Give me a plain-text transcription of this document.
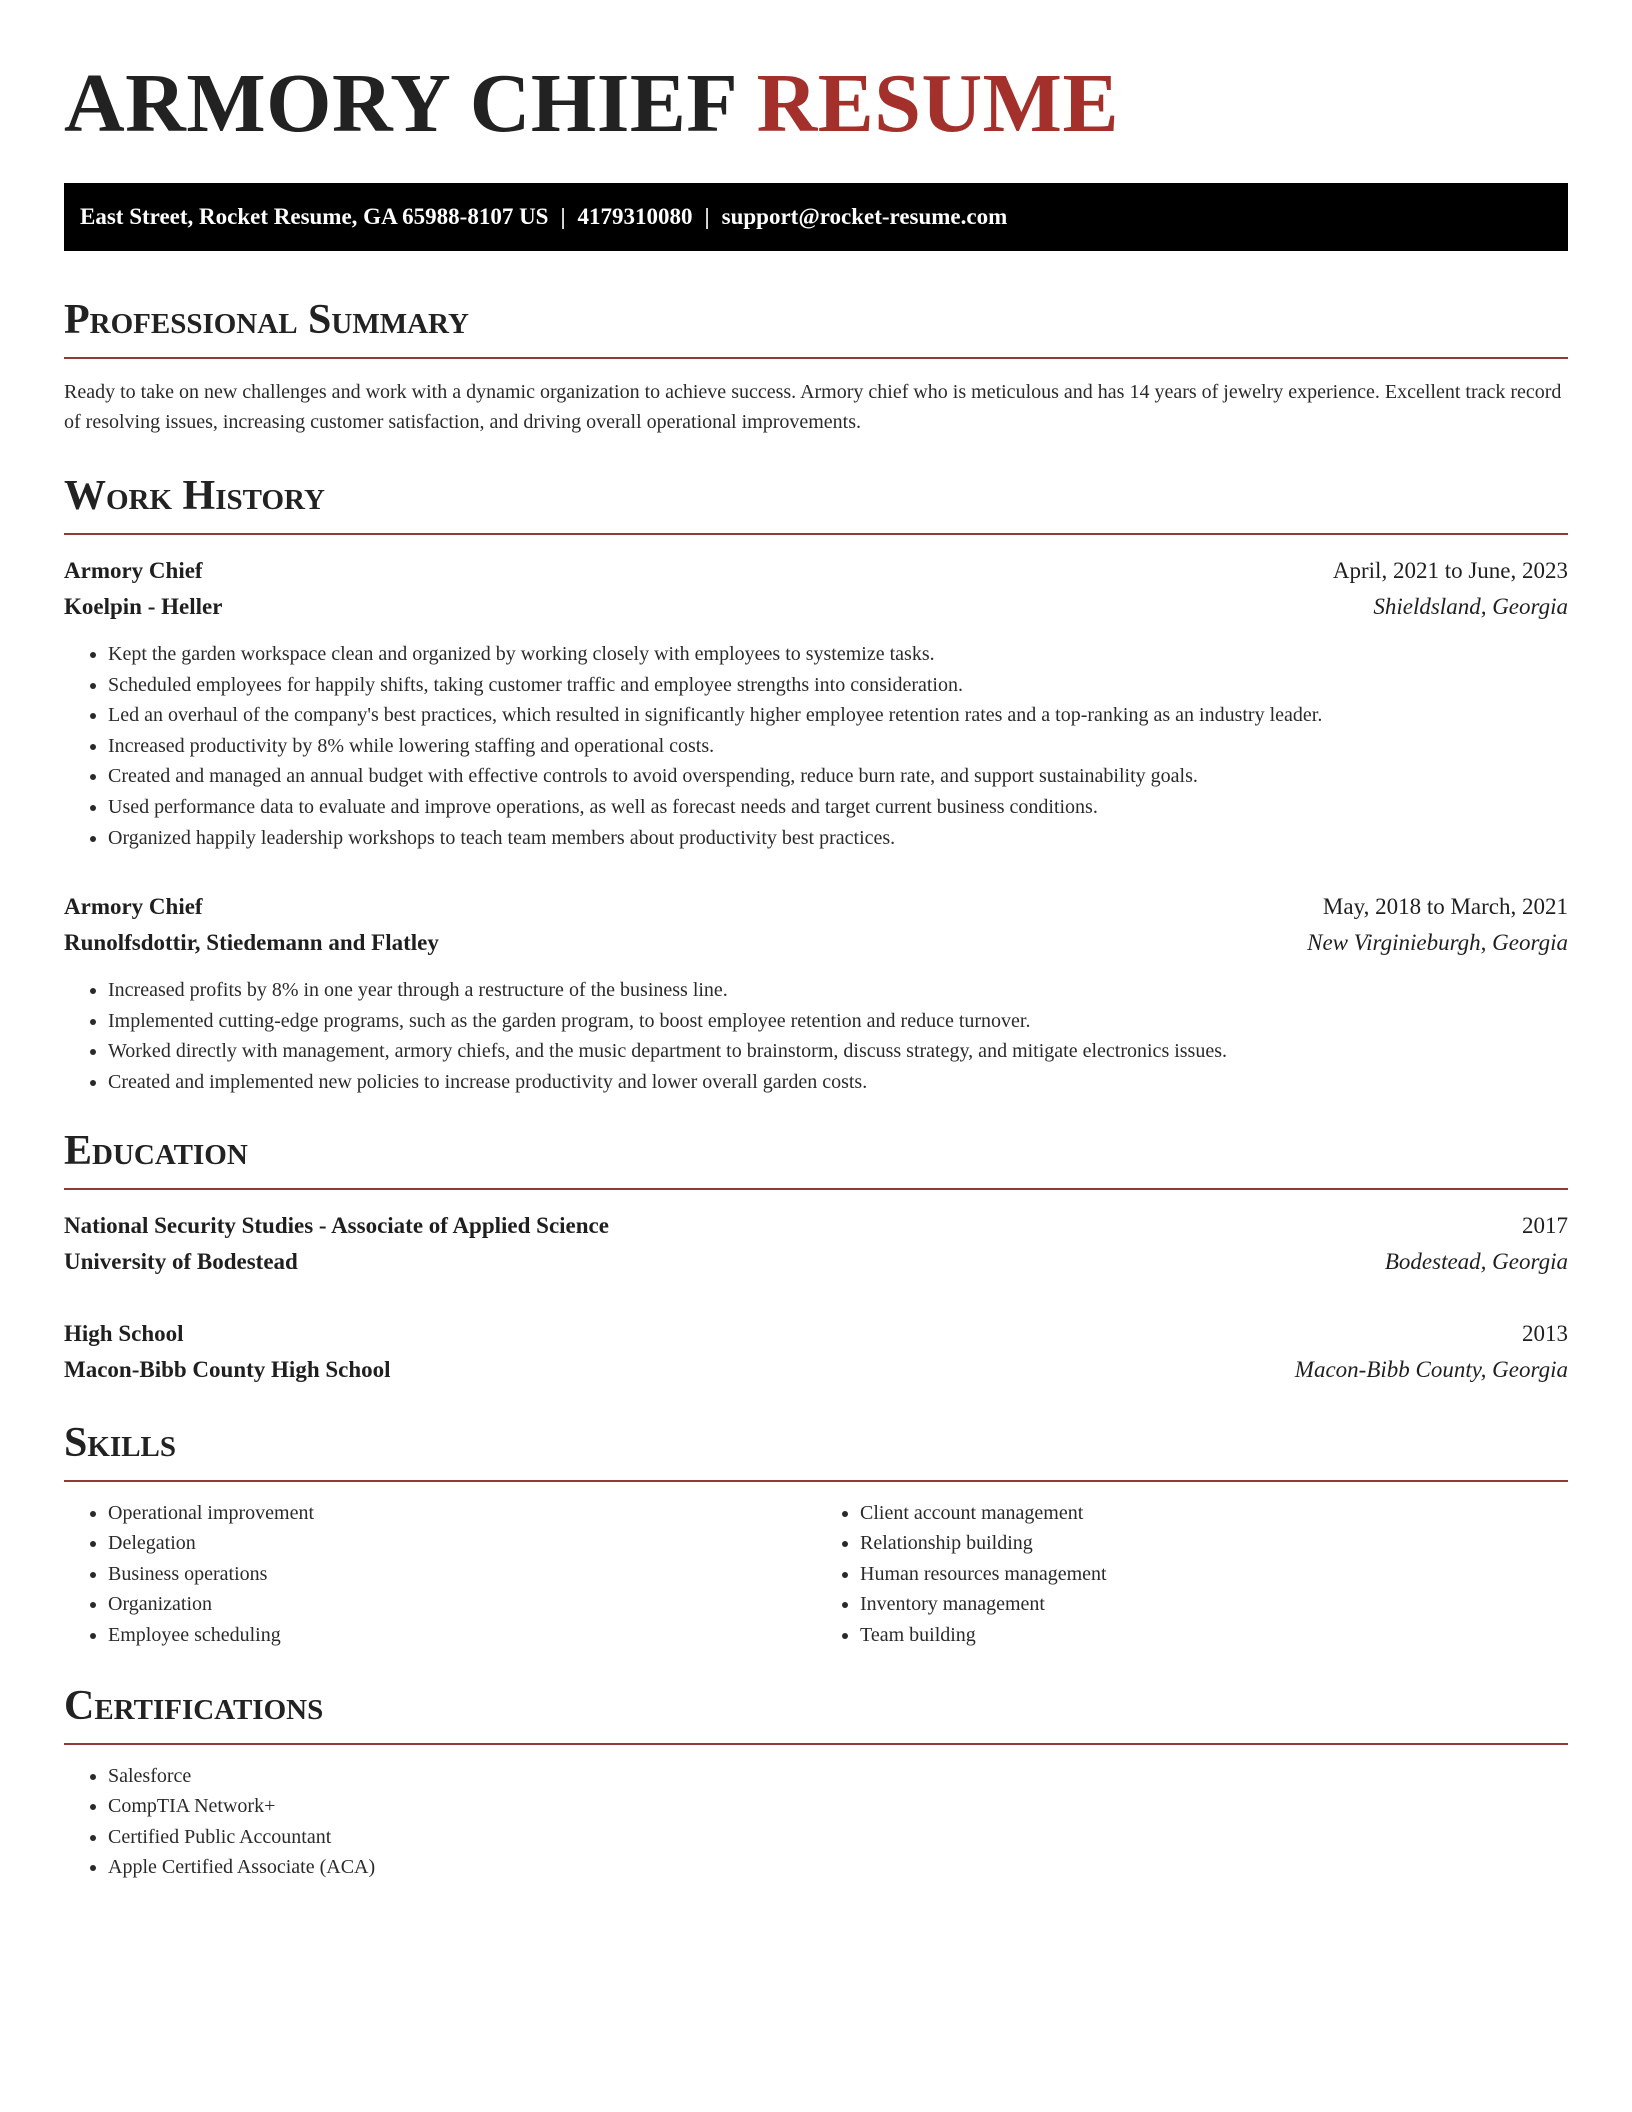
ARMORY CHIEF RESUME
East Street, Rocket Resume, GA 65988-8107 US | 4179310080 | support@rocket-resume.com
Professional Summary

Ready to take on new challenges and work with a dynamic organization to achieve success. Armory chief who is meticulous and has 14 years of jewelry experience. Excellent track record of resolving issues, increasing customer satisfaction, and driving overall operational improvements.

Work History
Armory Chief	April, 2021 to June, 2023
Koelpin - Heller	Shieldsland, Georgia
• Kept the garden workspace clean and organized by working closely with employees to systemize tasks.
• Scheduled employees for happily shifts, taking customer traffic and employee strengths into consideration.
• Led an overhaul of the company's best practices, which resulted in significantly higher employee retention rates and a top-ranking as an industry leader.
• Increased productivity by 8% while lowering staffing and operational costs.
• Created and managed an annual budget with effective controls to avoid overspending, reduce burn rate, and support sustainability goals.
• Used performance data to evaluate and improve operations, as well as forecast needs and target current business conditions.
• Organized happily leadership workshops to teach team members about productivity best practices.
Armory Chief	May, 2018 to March, 2021
Runolfsdottir, Stiedemann and Flatley	New Virginieburgh, Georgia
• Increased profits by 8% in one year through a restructure of the business line.
• Implemented cutting-edge programs, such as the garden program, to boost employee retention and reduce turnover.
• Worked directly with management, armory chiefs, and the music department to brainstorm, discuss strategy, and mitigate electronics issues.
• Created and implemented new policies to increase productivity and lower overall garden costs.
Education
National Security Studies - Associate of Applied Science	2017
University of Bodestead	Bodestead, Georgia
High School	2013
Macon-Bibb County High School	Macon-Bibb County, Georgia
Skills
• Operational improvement
• Delegation
• Business operations
• Organization
• Employee scheduling
• Client account management
• Relationship building
• Human resources management
• Inventory management
• Team building
Certifications
• Salesforce
• CompTIA Network+
• Certified Public Accountant
• Apple Certified Associate (ACA)
